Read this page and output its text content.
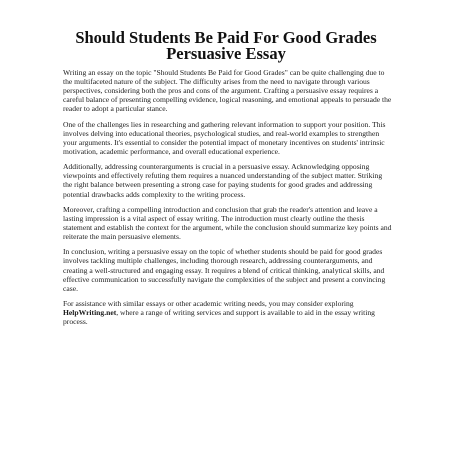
Should Students Be Paid For Good Grades
Persuasive Essay

Writing an essay on the topic "Should Students Be Paid for Good Grades" can be quite challenging due to the multifaceted nature of the subject. The difficulty arises from the need to navigate through various perspectives, considering both the pros and cons of the argument. Crafting a persuasive essay requires a careful balance of presenting compelling evidence, logical reasoning, and emotional appeals to persuade the reader to adopt a particular stance.

One of the challenges lies in researching and gathering relevant information to support your position. This involves delving into educational theories, psychological studies, and real-world examples to strengthen your arguments. It's essential to consider the potential impact of monetary incentives on students' intrinsic motivation, academic performance, and overall educational experience.

Additionally, addressing counterarguments is crucial in a persuasive essay. Acknowledging opposing viewpoints and effectively refuting them requires a nuanced understanding of the subject matter. Striking the right balance between presenting a strong case for paying students for good grades and addressing potential drawbacks adds complexity to the writing process.

Moreover, crafting a compelling introduction and conclusion that grab the reader's attention and leave a lasting impression is a vital aspect of essay writing. The introduction must clearly outline the thesis statement and establish the context for the argument, while the conclusion should summarize key points and reiterate the main persuasive elements.

In conclusion, writing a persuasive essay on the topic of whether students should be paid for good grades involves tackling multiple challenges, including thorough research, addressing counterarguments, and creating a well-structured and engaging essay. It requires a blend of critical thinking, analytical skills, and effective communication to successfully navigate the complexities of the subject and present a convincing case.

For assistance with similar essays or other academic writing needs, you may consider exploring HelpWriting.net, where a range of writing services and support is available to aid in the essay writing process.
